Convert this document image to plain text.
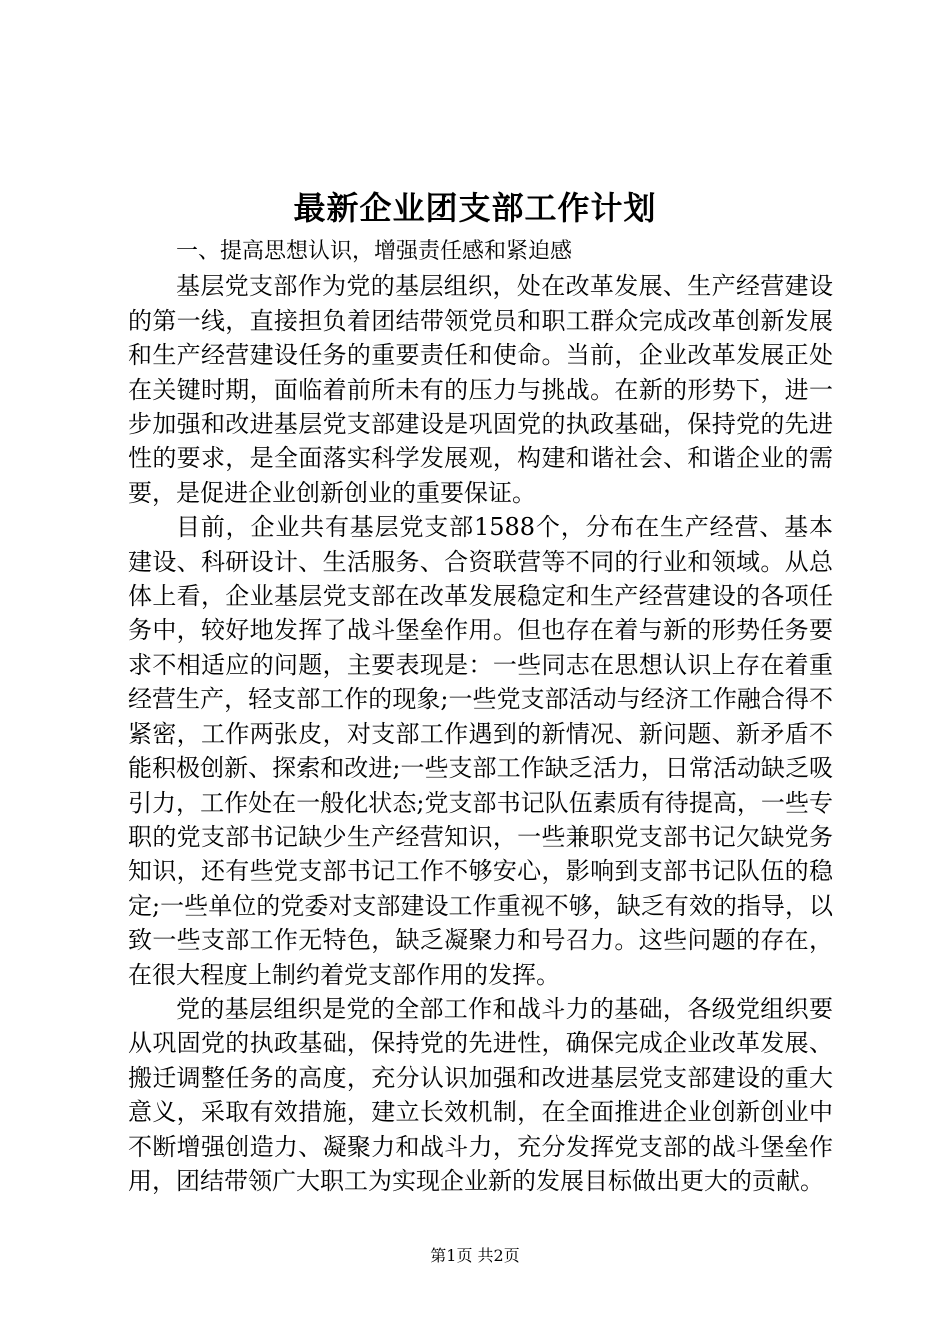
最新企业团支部工作计划

一、提高思想认识，增强责任感和紧迫感

基层党支部作为党的基层组织，处在改革发展、生产经营建设的第一线，直接担负着团结带领党员和职工群众完成改革创新发展和生产经营建设任务的重要责任和使命。当前，企业改革发展正处在关键时期，面临着前所未有的压力与挑战。在新的形势下，进一步加强和改进基层党支部建设是巩固党的执政基础，保持党的先进性的要求，是全面落实科学发展观，构建和谐社会、和谐企业的需要，是促进企业创新创业的重要保证。

目前，企业共有基层党支部1588个，分布在生产经营、基本建设、科研设计、生活服务、合资联营等不同的行业和领域。从总体上看，企业基层党支部在改革发展稳定和生产经营建设的各项任务中，较好地发挥了战斗堡垒作用。但也存在着与新的形势任务要求不相适应的问题，主要表现是：一些同志在思想认识上存在着重经营生产，轻支部工作的现象;一些党支部活动与经济工作融合得不紧密，工作两张皮，对支部工作遇到的新情况、新问题、新矛盾不能积极创新、探索和改进;一些支部工作缺乏活力，日常活动缺乏吸引力，工作处在一般化状态;党支部书记队伍素质有待提高，一些专职的党支部书记缺少生产经营知识，一些兼职党支部书记欠缺党务知识，还有些党支部书记工作不够安心，影响到支部书记队伍的稳定;一些单位的党委对支部建设工作重视不够，缺乏有效的指导，以致一些支部工作无特色，缺乏凝聚力和号召力。这些问题的存在，在很大程度上制约着党支部作用的发挥。

党的基层组织是党的全部工作和战斗力的基础，各级党组织要从巩固党的执政基础，保持党的先进性，确保完成企业改革发展、搬迁调整任务的高度，充分认识加强和改进基层党支部建设的重大意义，采取有效措施，建立长效机制，在全面推进企业创新创业中不断增强创造力、凝聚力和战斗力，充分发挥党支部的战斗堡垒作用，团结带领广大职工为实现企业新的发展目标做出更大的贡献。

第1页 共2页
